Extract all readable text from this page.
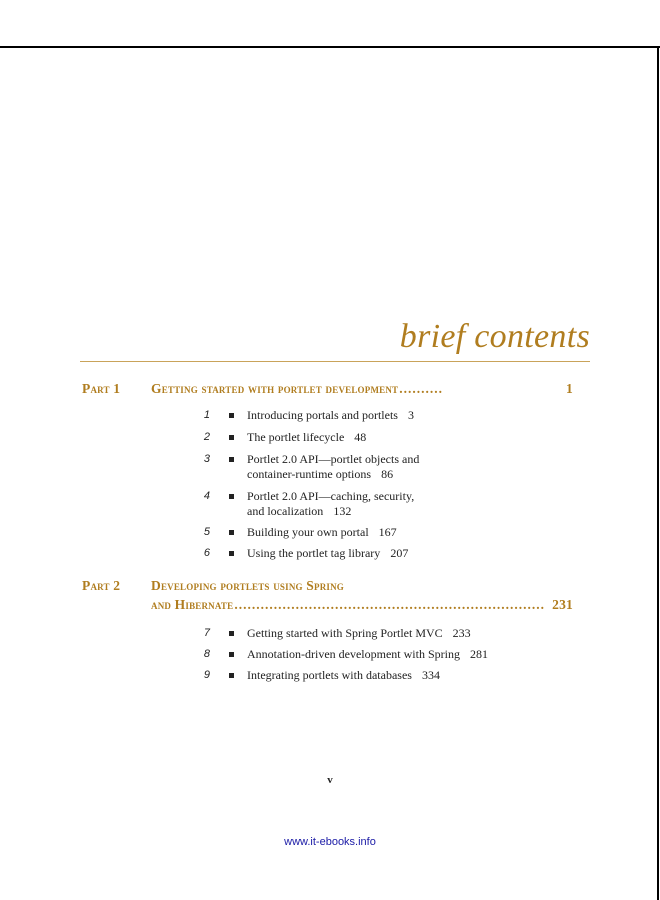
brief contents
Part 1 Getting started with portlet development ..........	1
1	Introducing portals and portlets 3
2	The portlet lifecycle 48
3	Portlet 2.0 API—portlet objects and
container-runtime options 86
4	Portlet 2.0 API—caching, security,
and localization 132
5	Building your own portal 167
6	Using the portlet tag library 207
Part 2 Developing portlets using Spring
and Hibernate ....................................................................... 231
7	Getting started with Spring Portlet MVC 233
8	Annotation-driven development with Spring 281
9	Integrating portlets with databases 334
v
www.it-ebooks.info
